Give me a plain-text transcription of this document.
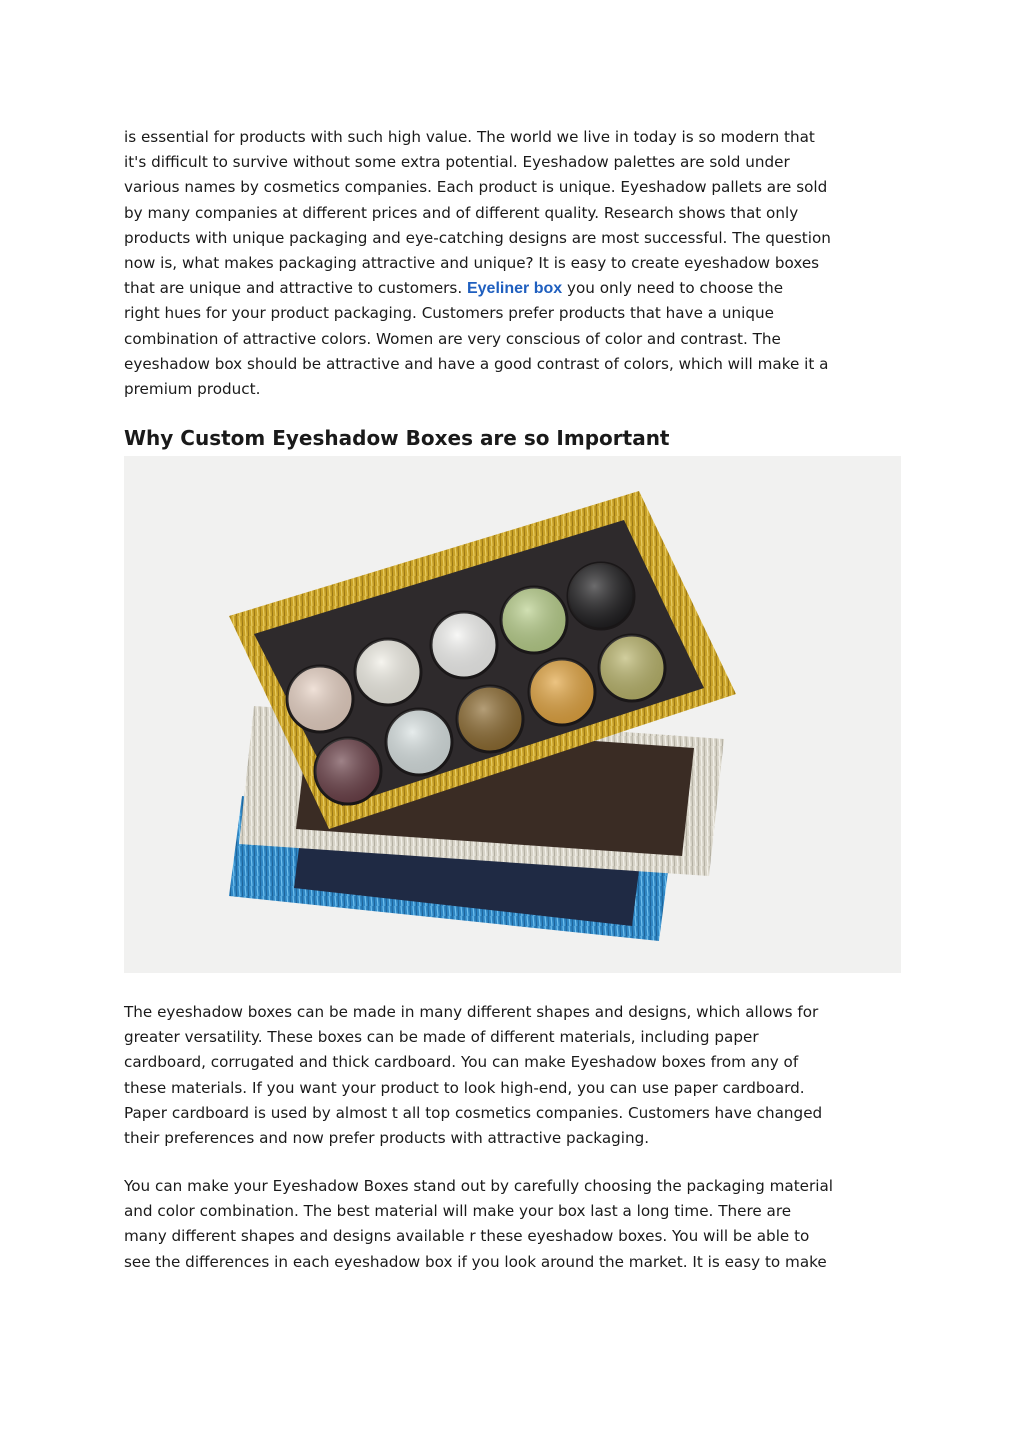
is essential for products with such high value. The world we live in today is so modern that
it's difficult to survive without some extra potential. Eyeshadow palettes are sold under
various names by cosmetics companies. Each product is unique. Eyeshadow pallets are sold
by many companies at different prices and of different quality. Research shows that only
products with unique packaging and eye-catching designs are most successful. The question
now is, what makes packaging attractive and unique? It is easy to create eyeshadow boxes
that are unique and attractive to customers. Eyeliner box you only need to choose the
right hues for your product packaging. Customers prefer products that have a unique
combination of attractive colors. Women are very conscious of color and contrast. The
eyeshadow box should be attractive and have a good contrast of colors, which will make it a
premium product.
Why Custom Eyeshadow Boxes are so Important
The eyeshadow boxes can be made in many different shapes and designs, which allows for
greater versatility. These boxes can be made of different materials, including paper
cardboard, corrugated and thick cardboard. You can make Eyeshadow boxes from any of
these materials. If you want your product to look high-end, you can use paper cardboard.
Paper cardboard is used by almost t all top cosmetics companies. Customers have changed
their preferences and now prefer products with attractive packaging.
You can make your Eyeshadow Boxes stand out by carefully choosing the packaging material
and color combination. The best material will make your box last a long time. There are
many different shapes and designs available r these eyeshadow boxes. You will be able to
see the differences in each eyeshadow box if you look around the market. It is easy to make
